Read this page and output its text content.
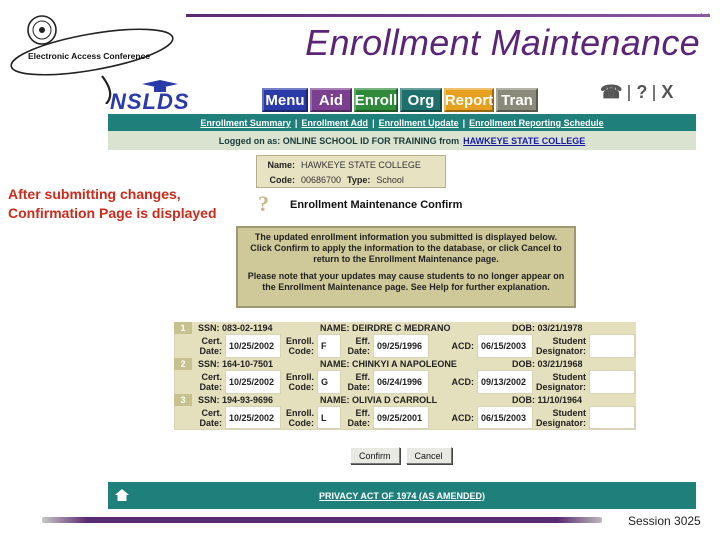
· ·
Electronic Access Conference	Enrollment Maintenance
NSLDS	Menu Aid Enroll Org Report Tran	☎ ? X
Enrollment Summary | Enrollment Add | Enrollment Update | Enrollment Reporting Schedule
Logged on as: ONLINE SCHOOL ID FOR TRAINING from HAWKEYE STATE COLLEGE
Name: HAWKEYE STATE COLLEGE
Code: 00686700 Type: School
After submitting changes,
Confirmation Page is displayed ? Enrollment Maintenance Confirm

The updated enrollment information you submitted is displayed below. Click Confirm to apply the information to the database, or click Cancel to return to the Enrollment Maintenance page.

Please note that your updates may cause students to no longer appear on the Enrollment Maintenance page. See Help for further explanation.

1	SSN: 083-02-1194	NAME: DEIRDRE C MEDRANO	DOB: 03/21/1978
Cert.
Date: 10/25/2002	Enroll.
Code: F	Eff.
Date: 09/25/1996	ACD: 06/15/2003	Student
Designator:
2	SSN: 164-10-7501	NAME: CHINKYI A NAPOLEONE	DOB: 03/21/1968
Cert.
Date: 10/25/2002	Enroll.
Code: G	Eff.
Date: 06/24/1996	ACD: 09/13/2002	Student
Designator:
3	SSN: 194-93-9696	NAME: OLIVIA D CARROLL	DOB: 11/10/1964
Cert.
Date: 10/25/2002	Enroll.
Code: L	Eff.
Date: 09/25/2001	ACD: 06/15/2003	Student
Designator:
Confirm	Cancel
PRIVACY ACT OF 1974 (AS AMENDED)
Session 3025
